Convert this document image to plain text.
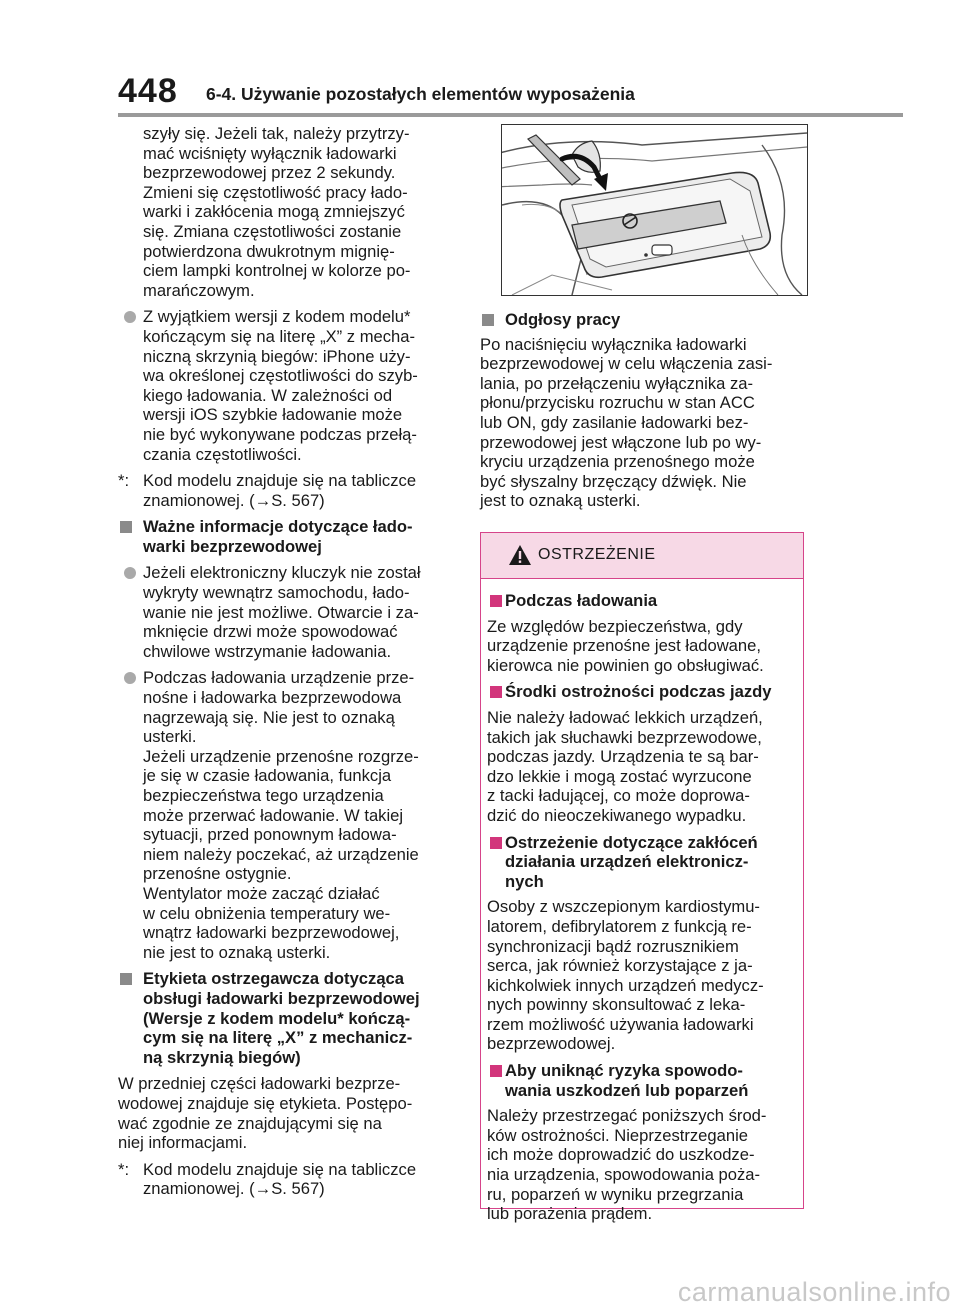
448 6-4. Używanie pozostałych elementów wyposażenia

szyły się. Jeżeli tak, należy przytrzy-
mać wciśnięty wyłącznik ładowarki
bezprzewodowej przez 2 sekundy.
Zmieni się częstotliwość pracy łado-
warki i zakłócenia mogą zmniejszyć
się. Zmiana częstotliwości zostanie
potwierdzona dwukrotnym mignię-
ciem lampki kontrolnej w kolorze po-
marańczowym.

Z wyjątkiem wersji z kodem modelu*
kończącym się na literę „X” z mecha-
niczną skrzynią biegów: iPhone uży-
wa określonej częstotliwości do szyb-
kiego ładowania. W zależności od
wersji iOS szybkie ładowanie może
nie być wykonywane podczas przełą-
czania częstotliwości.
*: Kod modelu znajduje się na tabliczce
znamionowej. (→S. 567)
Ważne informacje dotyczące łado-
warki bezprzewodowej
Jeżeli elektroniczny kluczyk nie został
wykryty wewnątrz samochodu, łado-
wanie nie jest możliwe. Otwarcie i za-
mknięcie drzwi może spowodować
chwilowe wstrzymanie ładowania.
Podczas ładowania urządzenie prze-
nośne i ładowarka bezprzewodowa
nagrzewają się. Nie jest to oznaką
usterki.
Jeżeli urządzenie przenośne rozgrze-
je się w czasie ładowania, funkcja
bezpieczeństwa tego urządzenia
może przerwać ładowanie. W takiej
sytuacji, przed ponownym ładowa-
niem należy poczekać, aż urządzenie
przenośne ostygnie.
Wentylator może zacząć działać
w celu obniżenia temperatury we-
wnątrz ładowarki bezprzewodowej,
nie jest to oznaką usterki.
Etykieta ostrzegawcza dotycząca
obsługi ładowarki bezprzewodowej
(Wersje z kodem modelu* kończą-
cym się na literę „X” z mechanicz-
ną skrzynią biegów)

W przedniej części ładowarki bezprze-
wodowej znajduje się etykieta. Postępo-
wać zgodnie ze znajdującymi się na
niej informacjami.

*: Kod modelu znajduje się na tabliczce
znamionowej. (→S. 567)
Odgłosy pracy

Po naciśnięciu wyłącznika ładowarki
bezprzewodowej w celu włączenia zasi-
lania, po przełączeniu wyłącznika za-
płonu/przycisku rozruchu w stan ACC
lub ON, gdy zasilanie ładowarki bez-
przewodowej jest włączone lub po wy-
kryciu urządzenia przenośnego może
być słyszalny brzęczący dźwięk. Nie
jest to oznaką usterki.

OSTRZEŻENIE
Podczas ładowania

Ze względów bezpieczeństwa, gdy
urządzenie przenośne jest ładowane,
kierowca nie powinien go obsługiwać.

Środki ostrożności podczas jazdy

Nie należy ładować lekkich urządzeń,
takich jak słuchawki bezprzewodowe,
podczas jazdy. Urządzenia te są bar-
dzo lekkie i mogą zostać wyrzucone
z tacki ładującej, co może doprowa-
dzić do nieoczekiwanego wypadku.

Ostrzeżenie dotyczące zakłóceń
działania urządzeń elektronicz-
nych

Osoby z wszczepionym kardiostymu-
latorem, defibrylatorem z funkcją re-
synchronizacji bądź rozrusznikiem
serca, jak również korzystające z ja-
kichkolwiek innych urządzeń medycz-
nych powinny skonsultować z leka-
rzem możliwość używania ładowarki
bezprzewodowej.

Aby uniknąć ryzyka spowodo-
wania uszkodzeń lub poparzeń

Należy przestrzegać poniższych środ-
ków ostrożności. Nieprzestrzeganie
ich może doprowadzić do uszkodze-
nia urządzenia, spowodowania poża-
ru, poparzeń w wyniku przegrzania
lub porażenia prądem.

carmanualsonline.info
